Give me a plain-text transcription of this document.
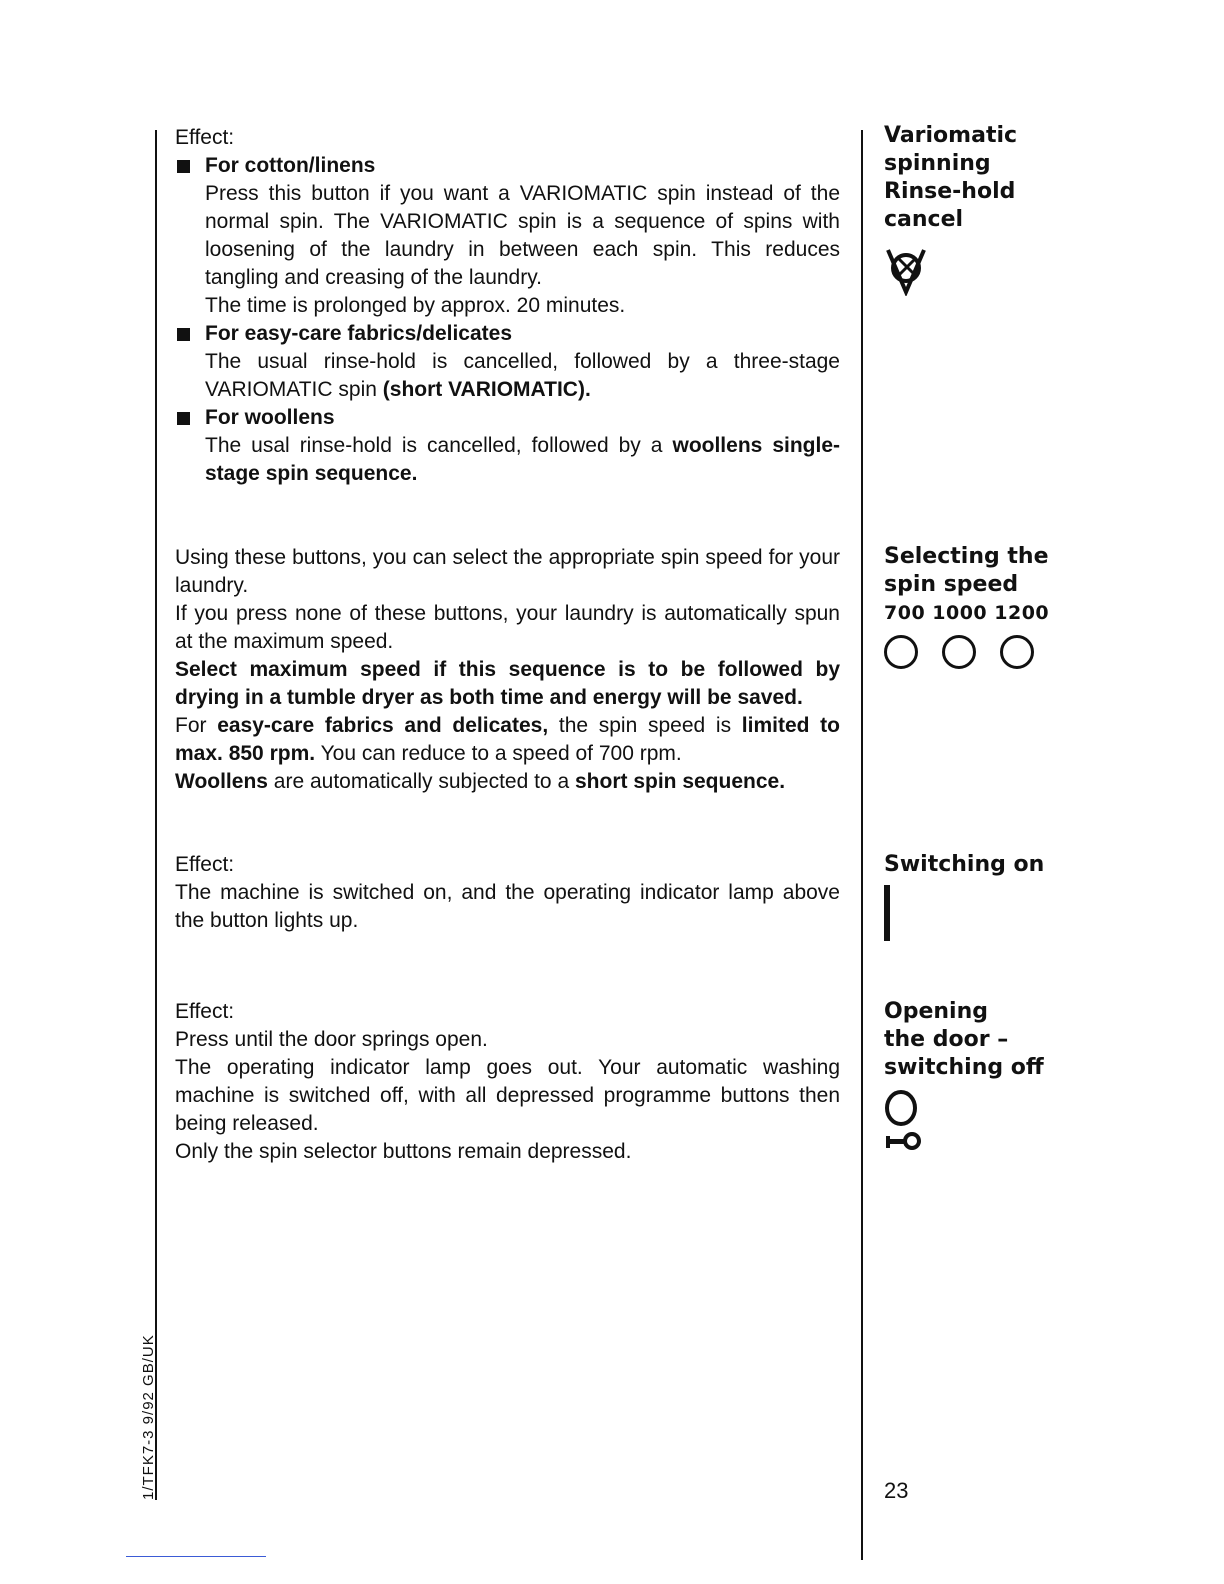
Effect:

For cotton/linens

Press this button if you want a VARIOMATIC spin instead of the normal spin. The VARIOMATIC spin is a sequence of spins with loosening of the laundry in between each spin. This reduces tangling and creasing of the laundry.

The time is prolonged by approx. 20 minutes.

For easy-care fabrics/delicates

The usual rinse-hold is cancelled, followed by a three-stage VARIOMATIC spin (short VARIOMATIC).

For woollens

The usal rinse-hold is cancelled, followed by a woollens single-stage spin sequence.

Using these buttons, you can select the appropriate spin speed for your laundry.

If you press none of these buttons, your laundry is automatically spun at the maximum speed.

Select maximum speed if this sequence is to be followed by drying in a tumble dryer as both time and energy will be saved.

For easy-care fabrics and delicates, the spin speed is limited to max. 850 rpm. You can reduce to a speed of 700 rpm.

Woollens are automatically subjected to a short spin sequence.

Effect:

The machine is switched on, and the operating indicator lamp above the button lights up.

Effect:

Press until the door springs open.

The operating indicator lamp goes out. Your automatic washing machine is switched off, with all depressed programme buttons then being released.

Only the spin selector buttons remain depressed.

Variomatic

spinning

Rinse-hold

cancel

Selecting the

spin speed

700 1000 1200

Switching on

Opening

the door –

switching off

23
1/TFK7-3 9/92 GB/UK
